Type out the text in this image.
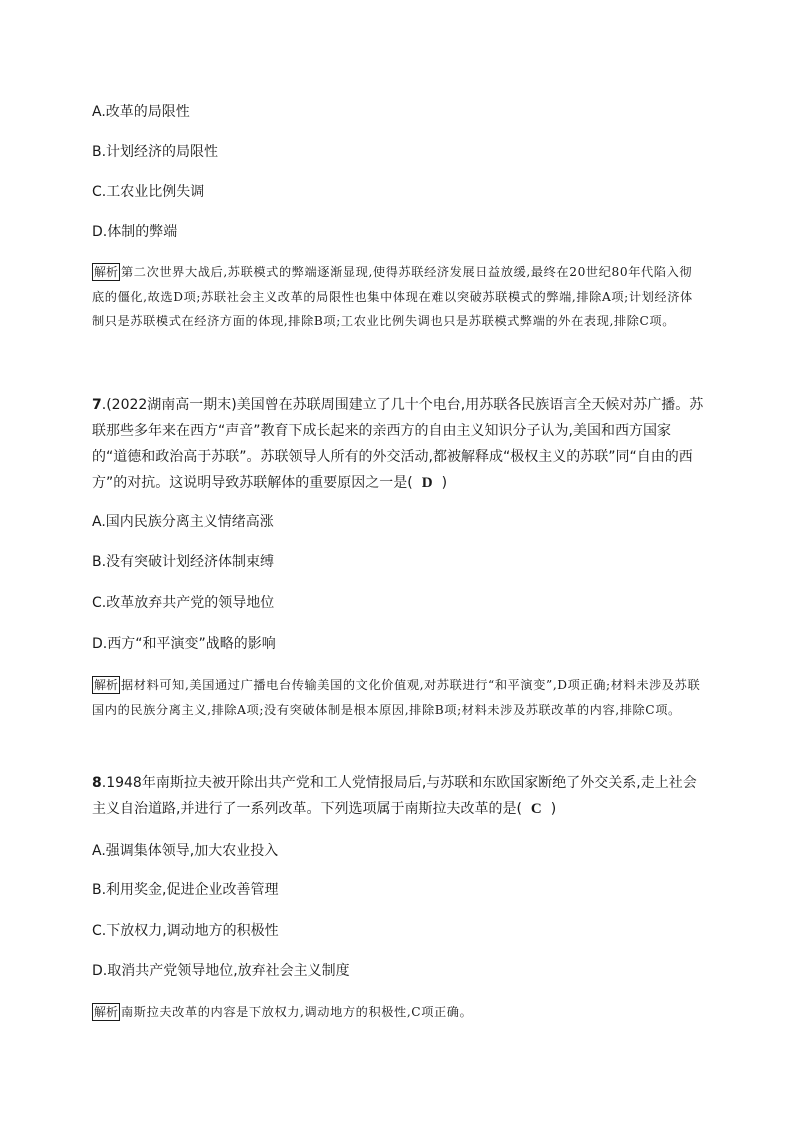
A.改革的局限性
B.计划经济的局限性
C.工农业比例失调
D.体制的弊端
解析 第二次世界大战后,苏联模式的弊端逐渐显现,使得苏联经济发展日益放缓,最终在20世纪80年代陷入彻底的僵化,故选D项;苏联社会主义改革的局限性也集中体现在难以突破苏联模式的弊端,排除A项;计划经济体制只是苏联模式在经济方面的体现,排除B项;工农业比例失调也只是苏联模式弊端的外在表现,排除C项。
7.(2022湖南高一期末)美国曾在苏联周围建立了几十个电台,用苏联各民族语言全天候对苏广播。苏联那些多年来在西方“声音”教育下成长起来的亲西方的自由主义知识分子认为,美国和西方国家的“道德和政治高于苏联”。苏联领导人所有的外交活动,都被解释成“极权主义的苏联”同“自由的西方”的对抗。这说明导致苏联解体的重要原因之一是( D )
A.国内民族分离主义情绪高涨
B.没有突破计划经济体制束缚
C.改革放弃共产党的领导地位
D.西方“和平演变”战略的影响
解析 据材料可知,美国通过广播电台传输美国的文化价值观,对苏联进行“和平演变”,D项正确;材料未涉及苏联国内的民族分离主义,排除A项;没有突破体制是根本原因,排除B项;材料未涉及苏联改革的内容,排除C项。
8.1948年南斯拉夫被开除出共产党和工人党情报局后,与苏联和东欧国家断绝了外交关系,走上社会主义自治道路,并进行了一系列改革。下列选项属于南斯拉夫改革的是( C )
A.强调集体领导,加大农业投入
B.利用奖金,促进企业改善管理
C.下放权力,调动地方的积极性
D.取消共产党领导地位,放弃社会主义制度
解析 南斯拉夫改革的内容是下放权力,调动地方的积极性,C项正确。
